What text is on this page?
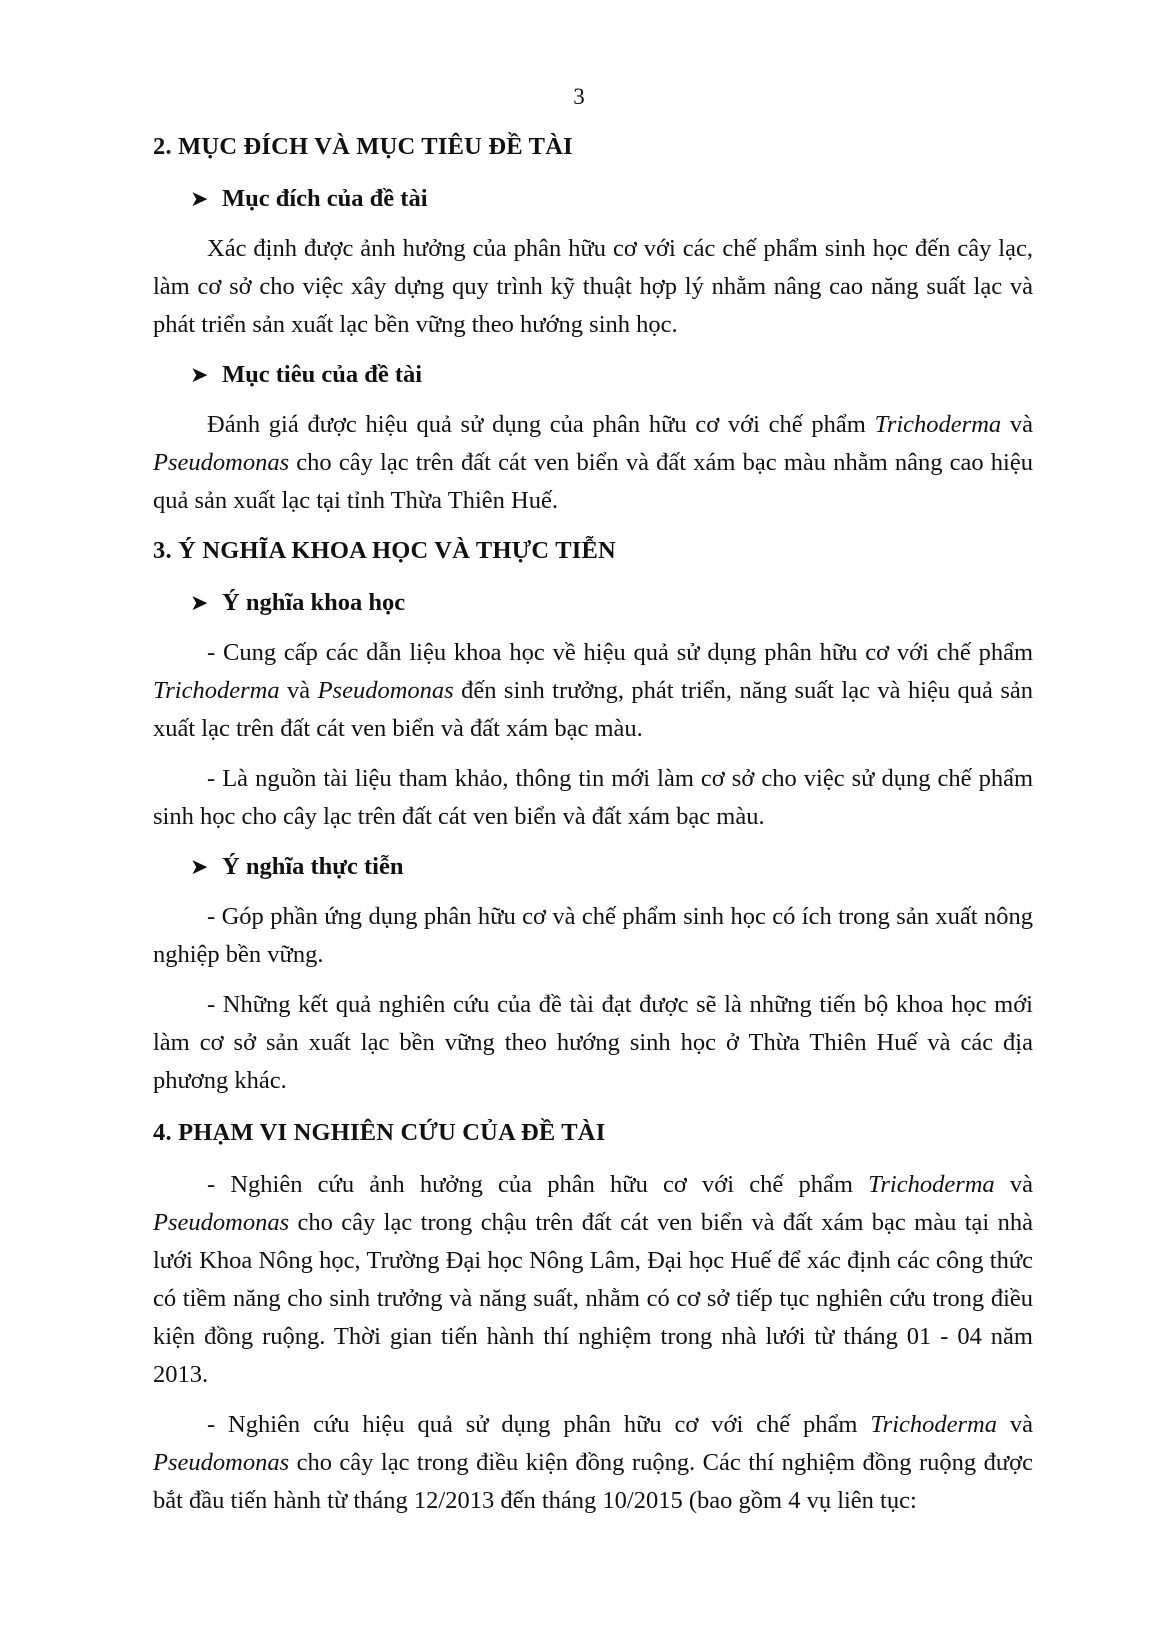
3
2. MỤC ĐÍCH VÀ MỤC TIÊU ĐỀ TÀI
➤ Mục đích của đề tài

Xác định được ảnh hưởng của phân hữu cơ với các chế phẩm sinh học đến cây lạc, làm cơ sở cho việc xây dựng quy trình kỹ thuật hợp lý nhằm nâng cao năng suất lạc và phát triển sản xuất lạc bền vững theo hướng sinh học.

➤ Mục tiêu của đề tài

Đánh giá được hiệu quả sử dụng của phân hữu cơ với chế phẩm Trichoderma và Pseudomonas cho cây lạc trên đất cát ven biển và đất xám bạc màu nhằm nâng cao hiệu quả sản xuất lạc tại tỉnh Thừa Thiên Huế.

3. Ý NGHĨA KHOA HỌC VÀ THỰC TIỄN
➤ Ý nghĩa khoa học

- Cung cấp các dẫn liệu khoa học về hiệu quả sử dụng phân hữu cơ với chế phẩm Trichoderma và Pseudomonas đến sinh trưởng, phát triển, năng suất lạc và hiệu quả sản xuất lạc trên đất cát ven biển và đất xám bạc màu.

- Là nguồn tài liệu tham khảo, thông tin mới làm cơ sở cho việc sử dụng chế phẩm sinh học cho cây lạc trên đất cát ven biển và đất xám bạc màu.

➤ Ý nghĩa thực tiễn

- Góp phần ứng dụng phân hữu cơ và chế phẩm sinh học có ích trong sản xuất nông nghiệp bền vững.

- Những kết quả nghiên cứu của đề tài đạt được sẽ là những tiến bộ khoa học mới làm cơ sở sản xuất lạc bền vững theo hướng sinh học ở Thừa Thiên Huế và các địa phương khác.

4. PHẠM VI NGHIÊN CỨU CỦA ĐỀ TÀI

- Nghiên cứu ảnh hưởng của phân hữu cơ với chế phẩm Trichoderma và Pseudomonas cho cây lạc trong chậu trên đất cát ven biển và đất xám bạc màu tại nhà lưới Khoa Nông học, Trường Đại học Nông Lâm, Đại học Huế để xác định các công thức có tiềm năng cho sinh trưởng và năng suất, nhằm có cơ sở tiếp tục nghiên cứu trong điều kiện đồng ruộng. Thời gian tiến hành thí nghiệm trong nhà lưới từ tháng 01 - 04 năm 2013.

- Nghiên cứu hiệu quả sử dụng phân hữu cơ với chế phẩm Trichoderma và Pseudomonas cho cây lạc trong điều kiện đồng ruộng. Các thí nghiệm đồng ruộng được bắt đầu tiến hành từ tháng 12/2013 đến tháng 10/2015 (bao gồm 4 vụ liên tục:
